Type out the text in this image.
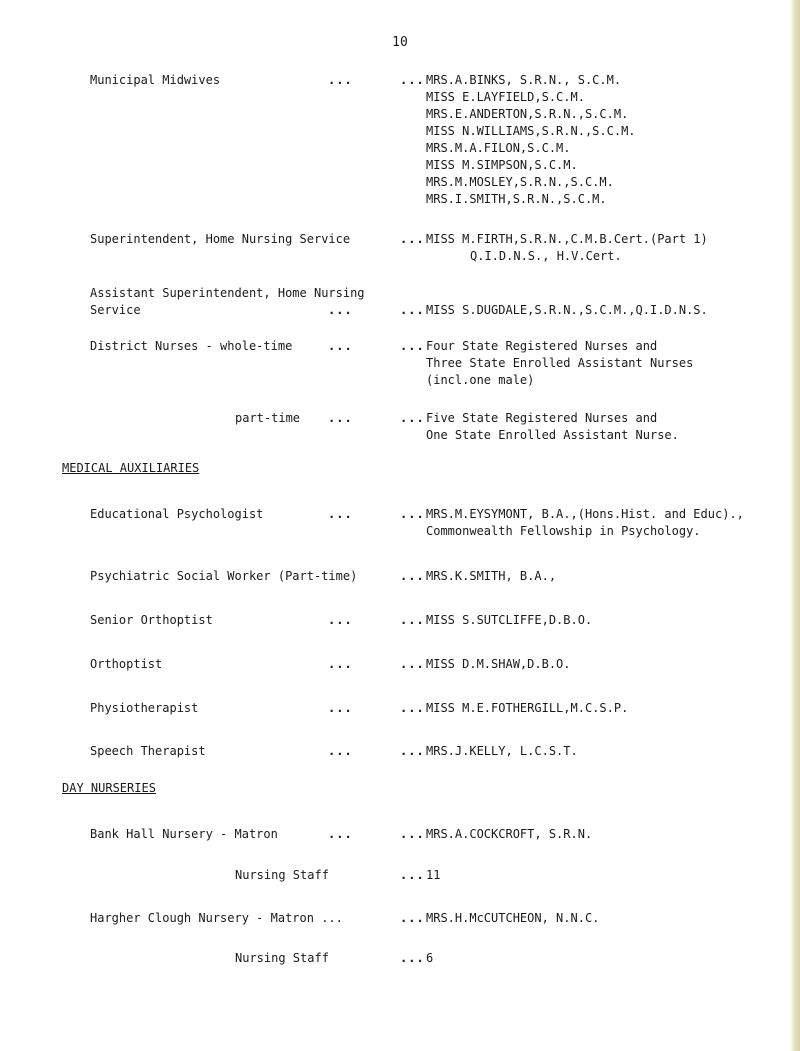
10
Municipal Midwives	...	... MRS.A.BINKS, S.R.N., S.C.M.
MISS E.LAYFIELD,S.C.M.
MRS.E.ANDERTON,S.R.N.,S.C.M.
MISS N.WILLIAMS,S.R.N.,S.C.M.
MRS.M.A.FILON,S.C.M.
MISS M.SIMPSON,S.C.M.
MRS.M.MOSLEY,S.R.N.,S.C.M.
MRS.I.SMITH,S.R.N.,S.C.M.
Superintendent, Home Nursing Service	... MISS M.FIRTH,S.R.N.,C.M.B.Cert.(Part 1)
Q.I.D.N.S., H.V.Cert.
Assistant Superintendent, Home Nursing
Service	...	... MISS S.DUGDALE,S.R.N.,S.C.M.,Q.I.D.N.S.
District Nurses - whole-time	...	... Four State Registered Nurses and
Three State Enrolled Assistant Nurses
(incl.one male)
part-time ...	... Five State Registered Nurses and
One State Enrolled Assistant Nurse.
MEDICAL AUXILIARIES
Educational Psychologist	...	... MRS.M.EYSYMONT, B.A.,(Hons.Hist. and Educ).,
Commonwealth Fellowship in Psychology.
Psychiatric Social Worker (Part-time)	... MRS.K.SMITH, B.A.,
Senior Orthoptist	...	... MISS S.SUTCLIFFE,D.B.O.
Orthoptist	...	... MISS D.M.SHAW,D.B.O.
Physiotherapist	...	... MISS M.E.FOTHERGILL,M.C.S.P.
Speech Therapist	...	... MRS.J.KELLY, L.C.S.T.
DAY NURSERIES
Bank Hall Nursery - Matron	...	... MRS.A.COCKCROFT, S.R.N.
Nursing Staff	... 11
Hargher Clough Nursery - Matron ...	... MRS.H.McCUTCHEON, N.N.C.
Nursing Staff	... 6
